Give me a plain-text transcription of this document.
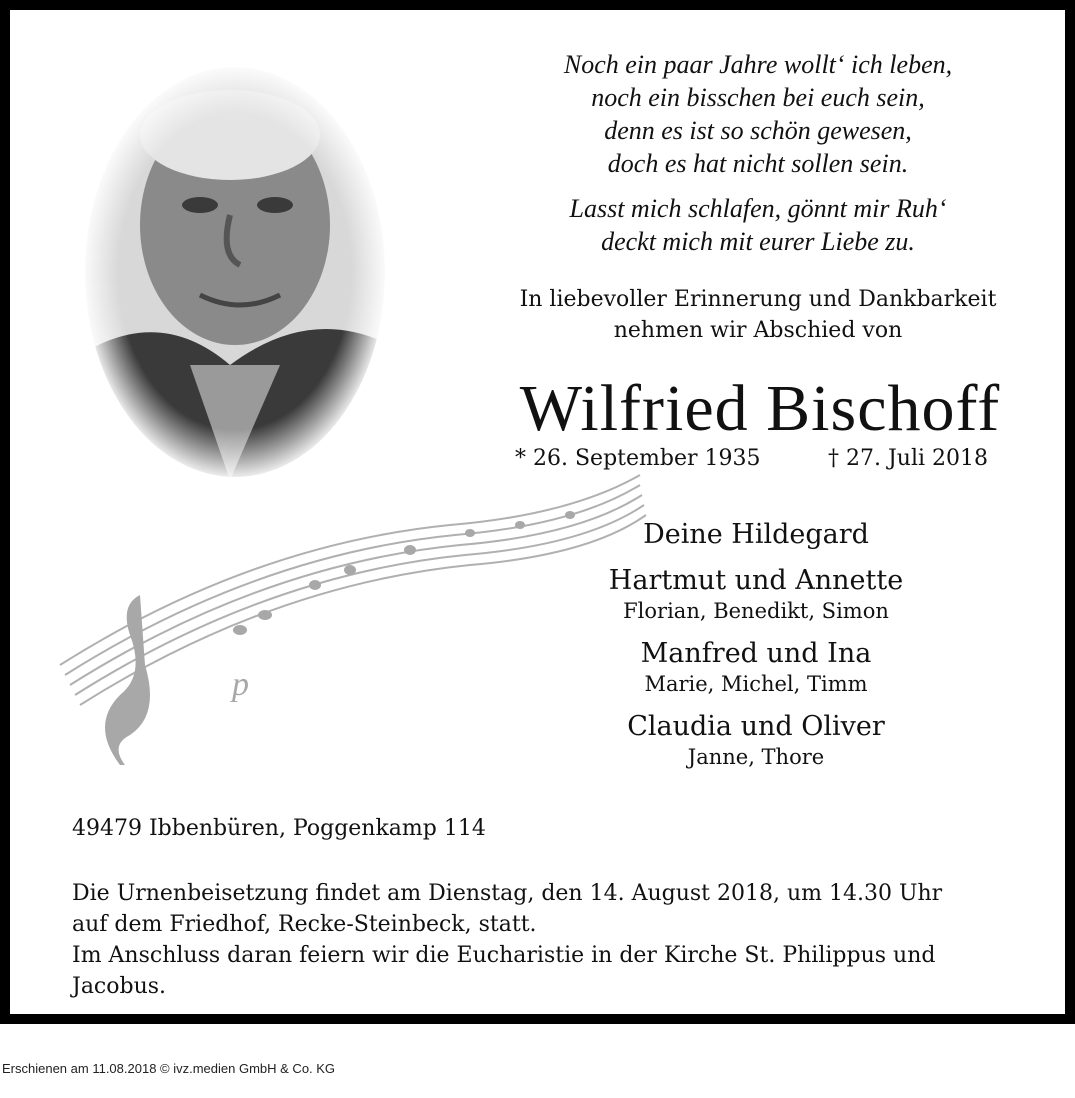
p
Noch ein paar Jahre wollt‘ ich leben,
noch ein bisschen bei euch sein,
denn es ist so schön gewesen,
doch es hat nicht sollen sein.
Lasst mich schlafen, gönnt mir Ruh‘
deckt mich mit eurer Liebe zu.
In liebevoller Erinnerung und Dankbarkeit
nehmen wir Abschied von
Wilfried Bischoff
* 26. September 1935	† 27. Juli 2018
Deine Hildegard
Hartmut und Annette
Florian, Benedikt, Simon
Manfred und Ina
Marie, Michel, Timm
Claudia und Oliver
Janne, Thore
49479 Ibbenbüren, Poggenkamp 114
Die Urnenbeisetzung findet am Dienstag, den 14. August 2018, um 14.30 Uhr
auf dem Friedhof, Recke-Steinbeck, statt.
Im Anschluss daran feiern wir die Eucharistie in der Kirche St. Philippus und
Jacobus.
Erschienen am 11.08.2018 © ivz.medien GmbH & Co. KG
